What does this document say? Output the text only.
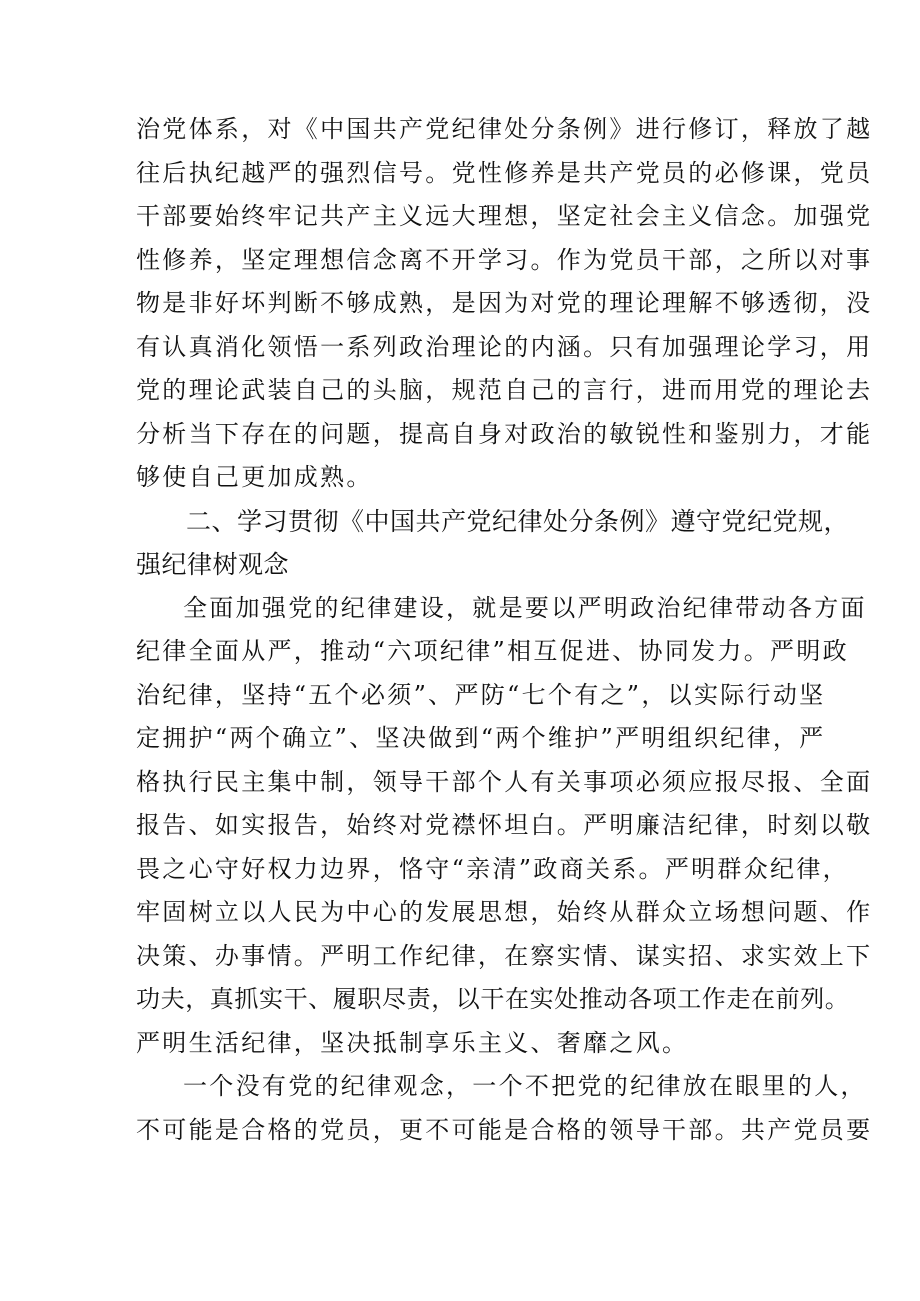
治党体系，对《中国共产党纪律处分条例》进行修订，释放了越
往后执纪越严的强烈信号。党性修养是共产党员的必修课，党员
干部要始终牢记共产主义远大理想，坚定社会主义信念。加强党
性修养，坚定理想信念离不开学习。作为党员干部，之所以对事
物是非好坏判断不够成熟，是因为对党的理论理解不够透彻，没
有认真消化领悟一系列政治理论的内涵。只有加强理论学习，用
党的理论武装自己的头脑，规范自己的言行，进而用党的理论去
分析当下存在的问题，提高自身对政治的敏锐性和鉴别力，才能
够使自己更加成熟。
二、学习贯彻《中国共产党纪律处分条例》遵守党纪党规，
强纪律树观念
全面加强党的纪律建设，就是要以严明政治纪律带动各方面
纪律全面从严，推动“六项纪律”相互促进、协同发力。严明政
治纪律，坚持“五个必须”、严防“七个有之”，以实际行动坚
定拥护“两个确立”、坚决做到“两个维护”严明组织纪律，严
格执行民主集中制，领导干部个人有关事项必须应报尽报、全面
报告、如实报告，始终对党襟怀坦白。严明廉洁纪律，时刻以敬
畏之心守好权力边界，恪守“亲清”政商关系。严明群众纪律，
牢固树立以人民为中心的发展思想，始终从群众立场想问题、作
决策、办事情。严明工作纪律，在察实情、谋实招、求实效上下
功夫，真抓实干、履职尽责，以干在实处推动各项工作走在前列。
严明生活纪律，坚决抵制享乐主义、奢靡之风。
一个没有党的纪律观念，一个不把党的纪律放在眼里的人，
不可能是合格的党员，更不可能是合格的领导干部。共产党员要
